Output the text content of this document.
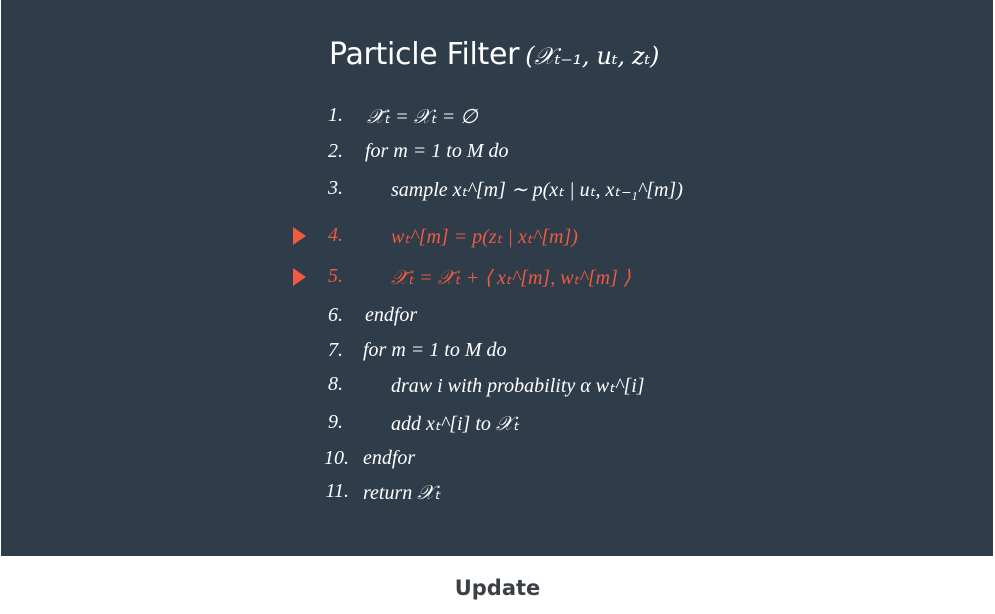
Particle Filter (𝒳ₜ₋₁, uₜ, zₜ)
1. 𝒳̄ₜ = 𝒳ₜ = ∅
2. for m = 1 to M do
3. sample xₜ^[m] ∼ p(xₜ | uₜ, xₜ₋₁^[m])
4. wₜ^[m] = p(zₜ | xₜ^[m])
5. 𝒳̄ₜ = 𝒳̄ₜ + ⟨ xₜ^[m], wₜ^[m] ⟩
6. endfor
7. for m = 1 to M do
8. draw i with probability α wₜ^[i]
9. add xₜ^[i] to 𝒳ₜ
10. endfor
11. return 𝒳ₜ
Update
